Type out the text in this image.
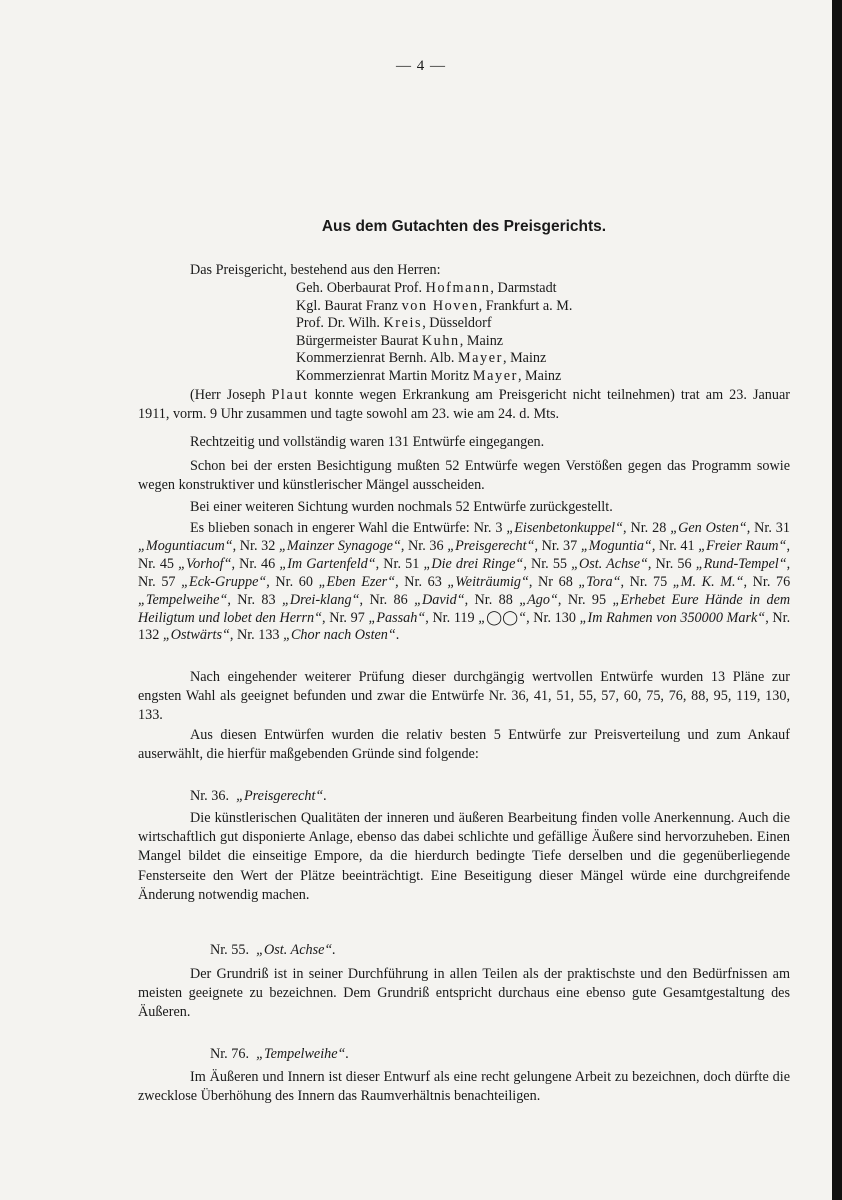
— 4 —
Aus dem Gutachten des Preisgerichts.
Das Preisgericht, bestehend aus den Herren:
Geh. Oberbaurat Prof. Hofmann, Darmstadt
Kgl. Baurat Franz von Hoven, Frankfurt a. M.
Prof. Dr. Wilh. Kreis, Düsseldorf
Bürgermeister Baurat Kuhn, Mainz
Kommerzienrat Bernh. Alb. Mayer, Mainz
Kommerzienrat Martin Moritz Mayer, Mainz

(Herr Joseph Plaut konnte wegen Erkrankung am Preisgericht nicht teilnehmen) trat am 23. Januar 1911, vorm. 9 Uhr zusammen und tagte sowohl am 23. wie am 24. d. Mts.

Rechtzeitig und vollständig waren 131 Entwürfe eingegangen.

Schon bei der ersten Besichtigung mußten 52 Entwürfe wegen Verstößen gegen das Programm sowie wegen konstruktiver und künstlerischer Mängel ausscheiden.

Bei einer weiteren Sichtung wurden nochmals 52 Entwürfe zurückgestellt.

Es blieben sonach in engerer Wahl die Entwürfe: Nr. 3 „Eisenbetonkuppel“, Nr. 28 „Gen Osten“, Nr. 31 „Moguntiacum“, Nr. 32 „Mainzer Synagoge“, Nr. 36 „Preisgerecht“, Nr. 37 „Moguntia“, Nr. 41 „Freier Raum“, Nr. 45 „Vorhof“, Nr. 46 „Im Gartenfeld“, Nr. 51 „Die drei Ringe“, Nr. 55 „Ost. Achse“, Nr. 56 „Rund-Tempel“, Nr. 57 „Eck-Gruppe“, Nr. 60 „Eben Ezer“, Nr. 63 „Weiträumig“, Nr 68 „Tora“, Nr. 75 „M. K. M.“, Nr. 76 „Tempelweihe“, Nr. 83 „Drei-klang“, Nr. 86 „David“, Nr. 88 „Ago“, Nr. 95 „Erhebet Eure Hände in dem Heiligtum und lobet den Herrn“, Nr. 97 „Passah“, Nr. 119 „◯◯“, Nr. 130 „Im Rahmen von 350000 Mark“, Nr. 132 „Ostwärts“, Nr. 133 „Chor nach Osten“.

Nach eingehender weiterer Prüfung dieser durchgängig wertvollen Entwürfe wurden 13 Pläne zur engsten Wahl als geeignet befunden und zwar die Entwürfe Nr. 36, 41, 51, 55, 57, 60, 75, 76, 88, 95, 119, 130, 133.

Aus diesen Entwürfen wurden die relativ besten 5 Entwürfe zur Preisverteilung und zum Ankauf auserwählt, die hierfür maßgebenden Gründe sind folgende:

Nr. 36. „Preisgerecht“.

Die künstlerischen Qualitäten der inneren und äußeren Bearbeitung finden volle Anerkennung. Auch die wirtschaftlich gut disponierte Anlage, ebenso das dabei schlichte und gefällige Äußere sind hervorzuheben. Einen Mangel bildet die einseitige Empore, da die hierdurch bedingte Tiefe derselben und die gegenüberliegende Fensterseite den Wert der Plätze beeinträchtigt. Eine Beseitigung dieser Mängel würde eine durchgreifende Änderung notwendig machen.

Nr. 55. „Ost. Achse“.

Der Grundriß ist in seiner Durchführung in allen Teilen als der praktischste und den Bedürfnissen am meisten geeignete zu bezeichnen. Dem Grundriß entspricht durchaus eine ebenso gute Gesamtgestaltung des Äußeren.

Nr. 76. „Tempelweihe“.

Im Äußeren und Innern ist dieser Entwurf als eine recht gelungene Arbeit zu bezeichnen, doch dürfte die zwecklose Überhöhung des Innern das Raumverhältnis benachteiligen.
